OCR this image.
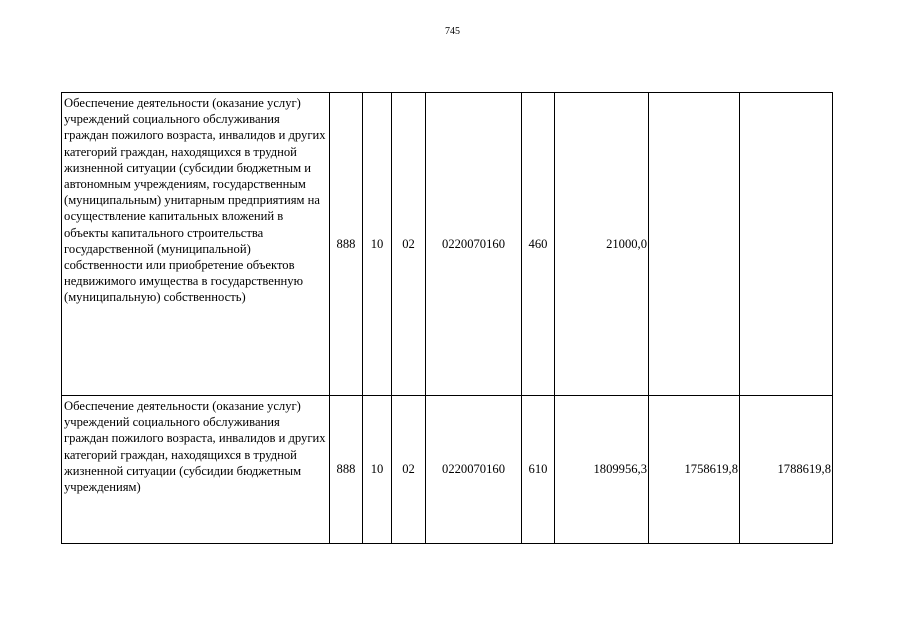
745
Обеспечение деятельности (оказание услуг) учреждений социального обслуживания граждан пожилого возраста, инвалидов и других категорий граждан, находящихся в трудной жизненной ситуации (субсидии бюджетным и автономным учреждениям, государственным (муниципальным) унитарным предприятиям на осуществление капитальных вложений в объекты капитального строительства государственной (муниципальной) собственности или приобретение объектов недвижимого имущества в государственную (муниципальную) собственность)	888	10	02	0220070160	460	21000,0		
Обеспечение деятельности (оказание услуг) учреждений социального обслуживания граждан пожилого возраста, инвалидов и других категорий граждан, находящихся в трудной жизненной ситуации (субсидии бюджетным учреждениям)	888	10	02	0220070160	610	1809956,3	1758619,8	1788619,8
